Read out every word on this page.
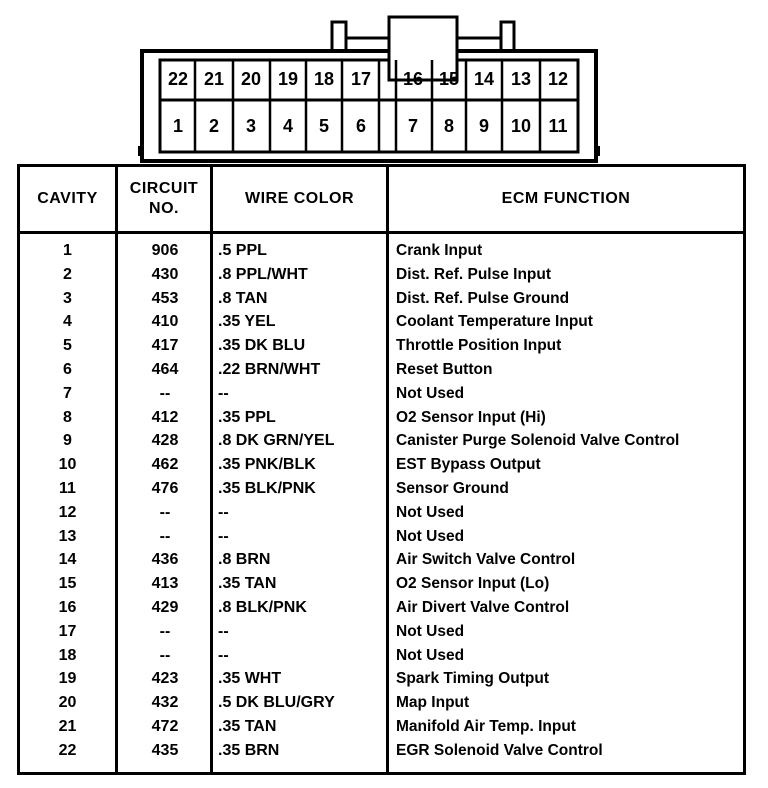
22 21 20 19 18 17 16 15 14 13 12
1	2	3	4	5	6	7	8	9	10 11
CAVITY
CIRCUIT
NO.
WIRE COLOR	ECM FUNCTION
1	906	.5 PPL	Crank Input
2	430	.8 PPL/WHT	Dist. Ref. Pulse Input
3	453	.8 TAN	Dist. Ref. Pulse Ground
4	410	.35 YEL	Coolant Temperature Input
5	417	.35 DK BLU	Throttle Position Input
6	464	.22 BRN/WHT	Reset Button
7	--	--	Not Used
8	412	.35 PPL	O2 Sensor Input (Hi)
9	428	.8 DK GRN/YEL	Canister Purge Solenoid Valve Control
10	462	.35 PNK/BLK	EST Bypass Output
11	476	.35 BLK/PNK	Sensor Ground
12	--	--	Not Used
13	--	--	Not Used
14	436	.8 BRN	Air Switch Valve Control
15	413	.35 TAN	O2 Sensor Input (Lo)
16	429	.8 BLK/PNK	Air Divert Valve Control
17	--	--	Not Used
18	--	--	Not Used
19	423	.35 WHT	Spark Timing Output
20	432	.5 DK BLU/GRY	Map Input
21	472	.35 TAN	Manifold Air Temp. Input
22	435	.35 BRN	EGR Solenoid Valve Control
